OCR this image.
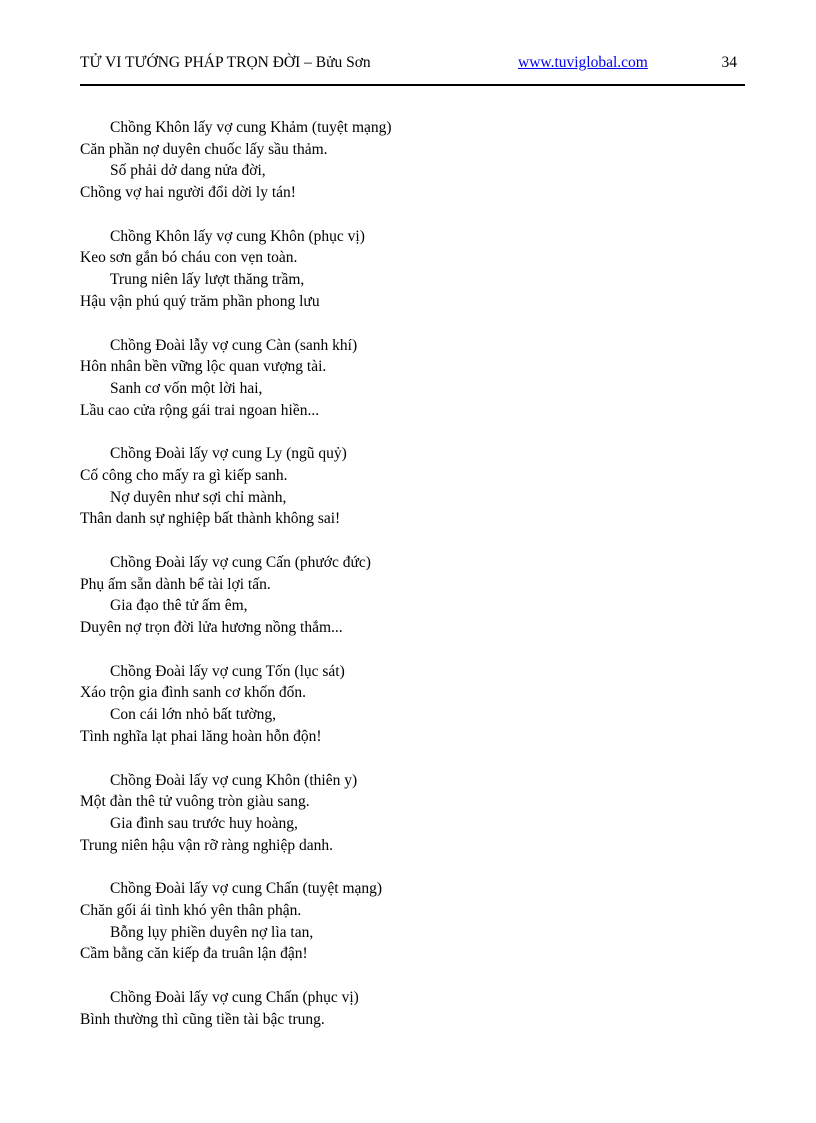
TỬ VI TƯỚNG PHÁP TRỌN ĐỜI – Bửu Sơn	www.tuviglobal.com	34
Chồng Khôn lấy vợ cung Khảm (tuyệt mạng)
Căn phần nợ duyên chuốc lấy sầu thảm.
Số phải dở dang nửa đời,
Chồng vợ hai người đổi dời ly tán!
Chồng Khôn lấy vợ cung Khôn (phục vị)
Keo sơn gắn bó cháu con vẹn toàn.
Trung niên lấy lượt thăng trầm,
Hậu vận phú quý trăm phần phong lưu
Chồng Đoài lẫy vợ cung Càn (sanh khí)
Hôn nhân bền vững lộc quan vượng tài.
Sanh cơ vốn một lời hai,
Lầu cao cửa rộng gái trai ngoan hiền...
Chồng Đoài lấy vợ cung Ly (ngũ quỷ)
Cố công cho mấy ra gì kiếp sanh.
Nợ duyên như sợi chỉ mành,
Thân danh sự nghiệp bất thành không sai!
Chồng Đoài lấy vợ cung Cấn (phước đức)
Phụ ấm sẵn dành bể tài lợi tấn.
Gia đạo thê tử ấm êm,
Duyên nợ trọn đời lửa hương nồng thắm...
Chồng Đoài lấy vợ cung Tốn (lục sát)
Xáo trộn gia đình sanh cơ khốn đốn.
Con cái lớn nhỏ bất tường,
Tình nghĩa lạt phai lăng hoàn hỗn độn!
Chồng Đoài lấy vợ cung Khôn (thiên y)
Một đàn thê tử vuông tròn giàu sang.
Gia đình sau trước huy hoàng,
Trung niên hậu vận rỡ ràng nghiệp danh.
Chồng Đoài lấy vợ cung Chấn (tuyệt mạng)
Chăn gối ái tình khó yên thân phận.
Bỗng lụy phiền duyên nợ lìa tan,
Cầm bằng căn kiếp đa truân lận đận!
Chồng Đoài lấy vợ cung Chấn (phục vị)
Bình thường thì cũng tiền tài bậc trung.
